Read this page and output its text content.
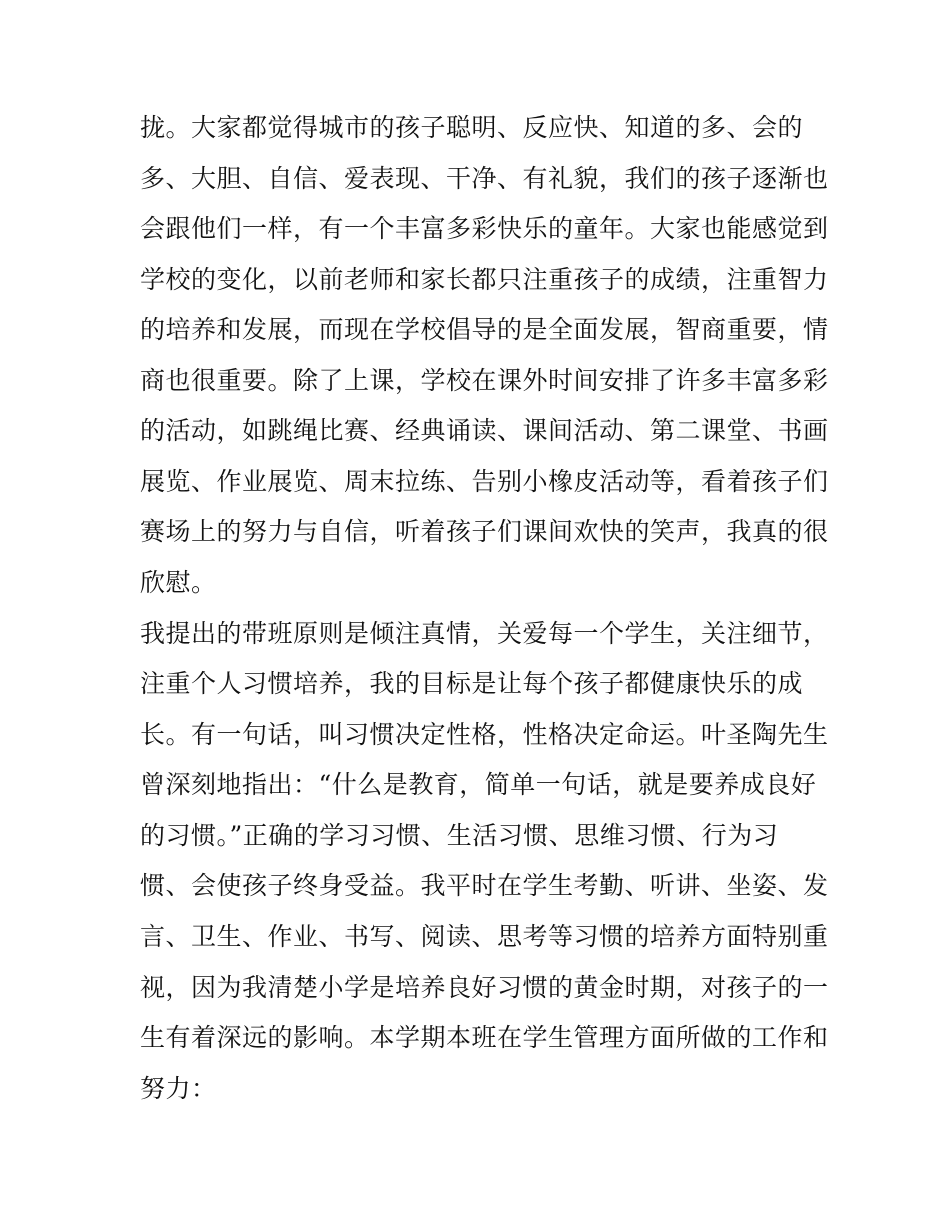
拢。大家都觉得城市的孩子聪明、反应快、知道的多、会的
多、大胆、自信、爱表现、干净、有礼貌，我们的孩子逐渐也
会跟他们一样，有一个丰富多彩快乐的童年。大家也能感觉到
学校的变化，以前老师和家长都只注重孩子的成绩，注重智力
的培养和发展，而现在学校倡导的是全面发展，智商重要，情
商也很重要。除了上课，学校在课外时间安排了许多丰富多彩
的活动，如跳绳比赛、经典诵读、课间活动、第二课堂、书画
展览、作业展览、周末拉练、告别小橡皮活动等，看着孩子们
赛场上的努力与自信，听着孩子们课间欢快的笑声，我真的很
欣慰。
我提出的带班原则是倾注真情，关爱每一个学生，关注细节，
注重个人习惯培养，我的目标是让每个孩子都健康快乐的成
长。有一句话，叫习惯决定性格，性格决定命运。叶圣陶先生
曾深刻地指出：“什么是教育，简单一句话，就是要养成良好
的习惯。”正确的学习习惯、生活习惯、思维习惯、行为习
惯、会使孩子终身受益。我平时在学生考勤、听讲、坐姿、发
言、卫生、作业、书写、阅读、思考等习惯的培养方面特别重
视，因为我清楚小学是培养良好习惯的黄金时期，对孩子的一
生有着深远的影响。本学期本班在学生管理方面所做的工作和
努力：
